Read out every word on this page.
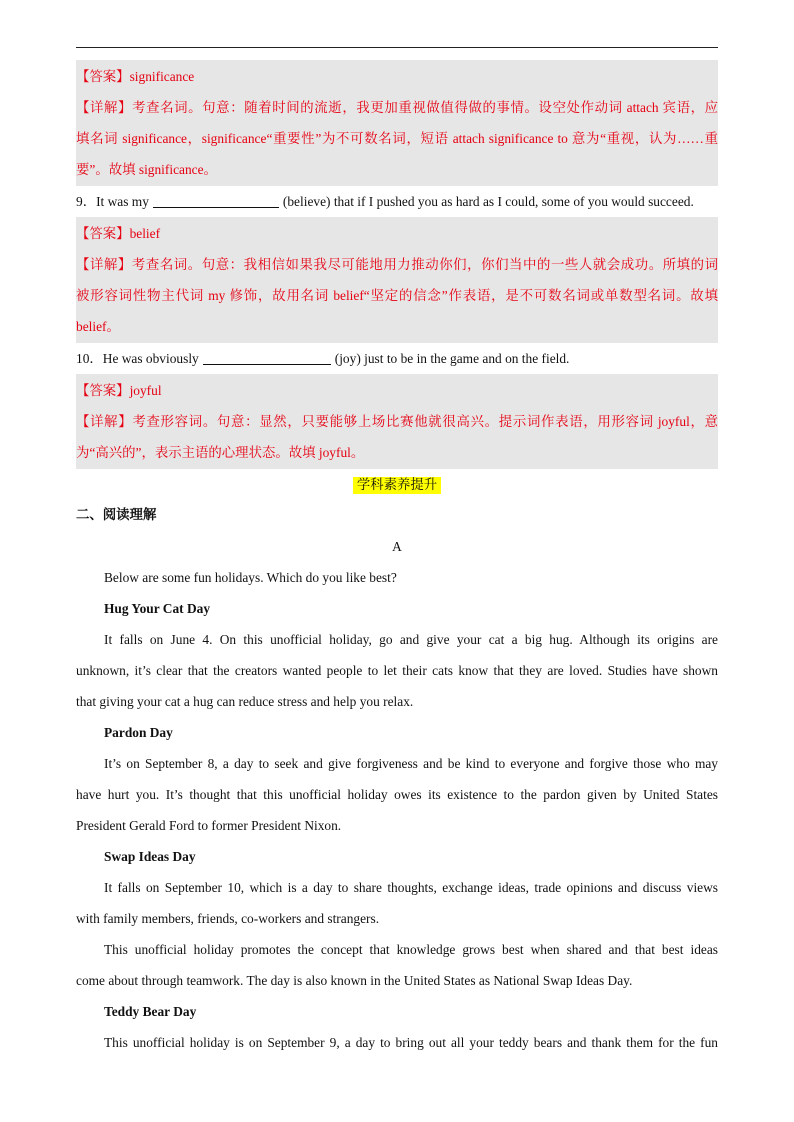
【答案】significance
【详解】考查名词。句意：随着时间的流逝，我更加重视做值得做的事情。设空处作动词 attach 宾语，应
填名词 significance，significance“重要性”为不可数名词，短语 attach significance to 意为“重视，认为……重
要”。故填 significance。
9．It was my	(believe) that if I pushed you as hard as I could, some of you would succeed.
【答案】belief
【详解】考查名词。句意：我相信如果我尽可能地用力推动你们，你们当中的一些人就会成功。所填的词
被形容词性物主代词 my 修饰，故用名词 belief“坚定的信念”作表语，是不可数名词或单数型名词。故填
belief。
10．He was obviously	(joy) just to be in the game and on the field.
【答案】joyful
【详解】考查形容词。句意：显然，只要能够上场比赛他就很高兴。提示词作表语，用形容词 joyful，意
为“高兴的”，表示主语的心理状态。故填 joyful。
学科素养提升
二、阅读理解
A
Below are some fun holidays. Which do you like best?
Hug Your Cat Day
It falls on June 4. On this unofficial holiday, go and give your cat a big hug. Although its origins are
unknown, it’s clear that the creators wanted people to let their cats know that they are loved. Studies have shown
that giving your cat a hug can reduce stress and help you relax.
Pardon Day
It’s on September 8, a day to seek and give forgiveness and be kind to everyone and forgive those who may
have hurt you. It’s thought that this unofficial holiday owes its existence to the pardon given by United States
President Gerald Ford to former President Nixon.
Swap Ideas Day
It falls on September 10, which is a day to share thoughts, exchange ideas, trade opinions and discuss views
with family members, friends, co-workers and strangers.
This unofficial holiday promotes the concept that knowledge grows best when shared and that best ideas
come about through teamwork. The day is also known in the United States as National Swap Ideas Day.
Teddy Bear Day
This unofficial holiday is on September 9, a day to bring out all your teddy bears and thank them for the fun
